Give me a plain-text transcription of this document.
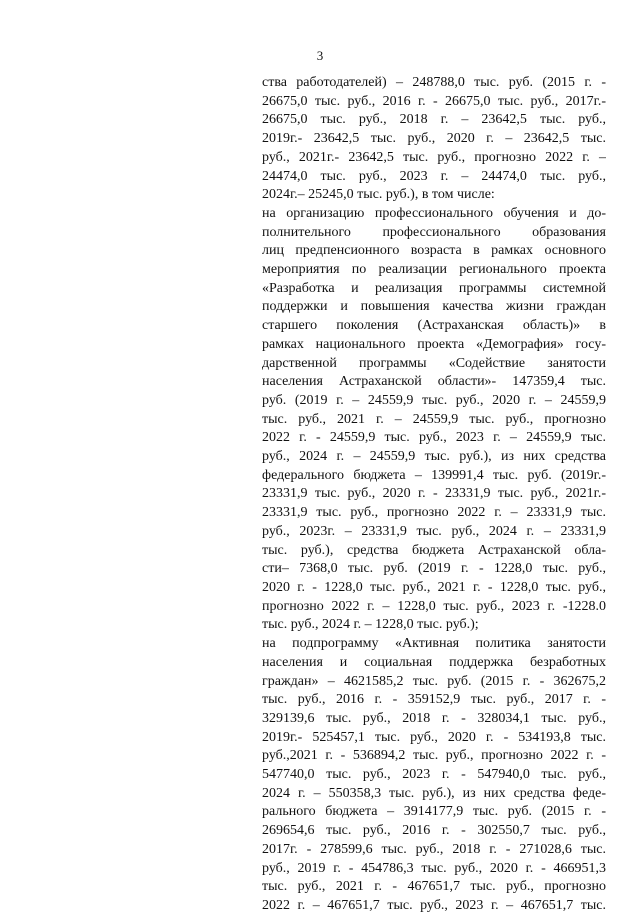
3
ства работодателей) – 248788,0 тыс. руб. (2015 г. -
26675,0 тыс. руб., 2016 г. - 26675,0 тыс. руб., 2017г.-
26675,0 тыс. руб., 2018 г. – 23642,5 тыс. руб.,
2019г.- 23642,5 тыс. руб., 2020 г. – 23642,5 тыс.
руб., 2021г.- 23642,5 тыс. руб., прогнозно 2022 г. –
24474,0 тыс. руб., 2023 г. – 24474,0 тыс. руб.,
2024г.– 25245,0 тыс. руб.), в том числе:
на организацию профессионального обучения и до-
полнительного профессионального образования
лиц предпенсионного возраста в рамках основного
мероприятия по реализации регионального проекта
«Разработка и реализация программы системной
поддержки и повышения качества жизни граждан
старшего поколения (Астраханская область)» в
рамках национального проекта «Демография» госу-
дарственной программы «Содействие занятости
населения Астраханской области»- 147359,4 тыс.
руб. (2019 г. – 24559,9 тыс. руб., 2020 г. – 24559,9
тыс. руб., 2021 г. – 24559,9 тыс. руб., прогнозно
2022 г. - 24559,9 тыс. руб., 2023 г. – 24559,9 тыс.
руб., 2024 г. – 24559,9 тыс. руб.), из них средства
федерального бюджета – 139991,4 тыс. руб. (2019г.-
23331,9 тыс. руб., 2020 г. - 23331,9 тыс. руб., 2021г.-
23331,9 тыс. руб., прогнозно 2022 г. – 23331,9 тыс.
руб., 2023г. – 23331,9 тыс. руб., 2024 г. – 23331,9
тыс. руб.), средства бюджета Астраханской обла-
сти– 7368,0 тыс. руб. (2019 г. - 1228,0 тыс. руб.,
2020 г. - 1228,0 тыс. руб., 2021 г. - 1228,0 тыс. руб.,
прогнозно 2022 г. – 1228,0 тыс. руб., 2023 г. -1228.0
тыс. руб., 2024 г. – 1228,0 тыс. руб.);
на подпрограмму «Активная политика занятости
населения и социальная поддержка безработных
граждан» – 4621585,2 тыс. руб. (2015 г. - 362675,2
тыс. руб., 2016 г. - 359152,9 тыс. руб., 2017 г. -
329139,6 тыс. руб., 2018 г. - 328034,1 тыс. руб.,
2019г.- 525457,1 тыс. руб., 2020 г. - 534193,8 тыс.
руб.,2021 г. - 536894,2 тыс. руб., прогнозно 2022 г. -
547740,0 тыс. руб., 2023 г. - 547940,0 тыс. руб.,
2024 г. – 550358,3 тыс. руб.), из них средства феде-
рального бюджета – 3914177,9 тыс. руб. (2015 г. -
269654,6 тыс. руб., 2016 г. - 302550,7 тыс. руб.,
2017г. - 278599,6 тыс. руб., 2018 г. - 271028,6 тыс.
руб., 2019 г. - 454786,3 тыс. руб., 2020 г. - 466951,3
тыс. руб., 2021 г. - 467651,7 тыс. руб., прогнозно
2022 г. – 467651,7 тыс. руб., 2023 г. – 467651,7 тыс.
